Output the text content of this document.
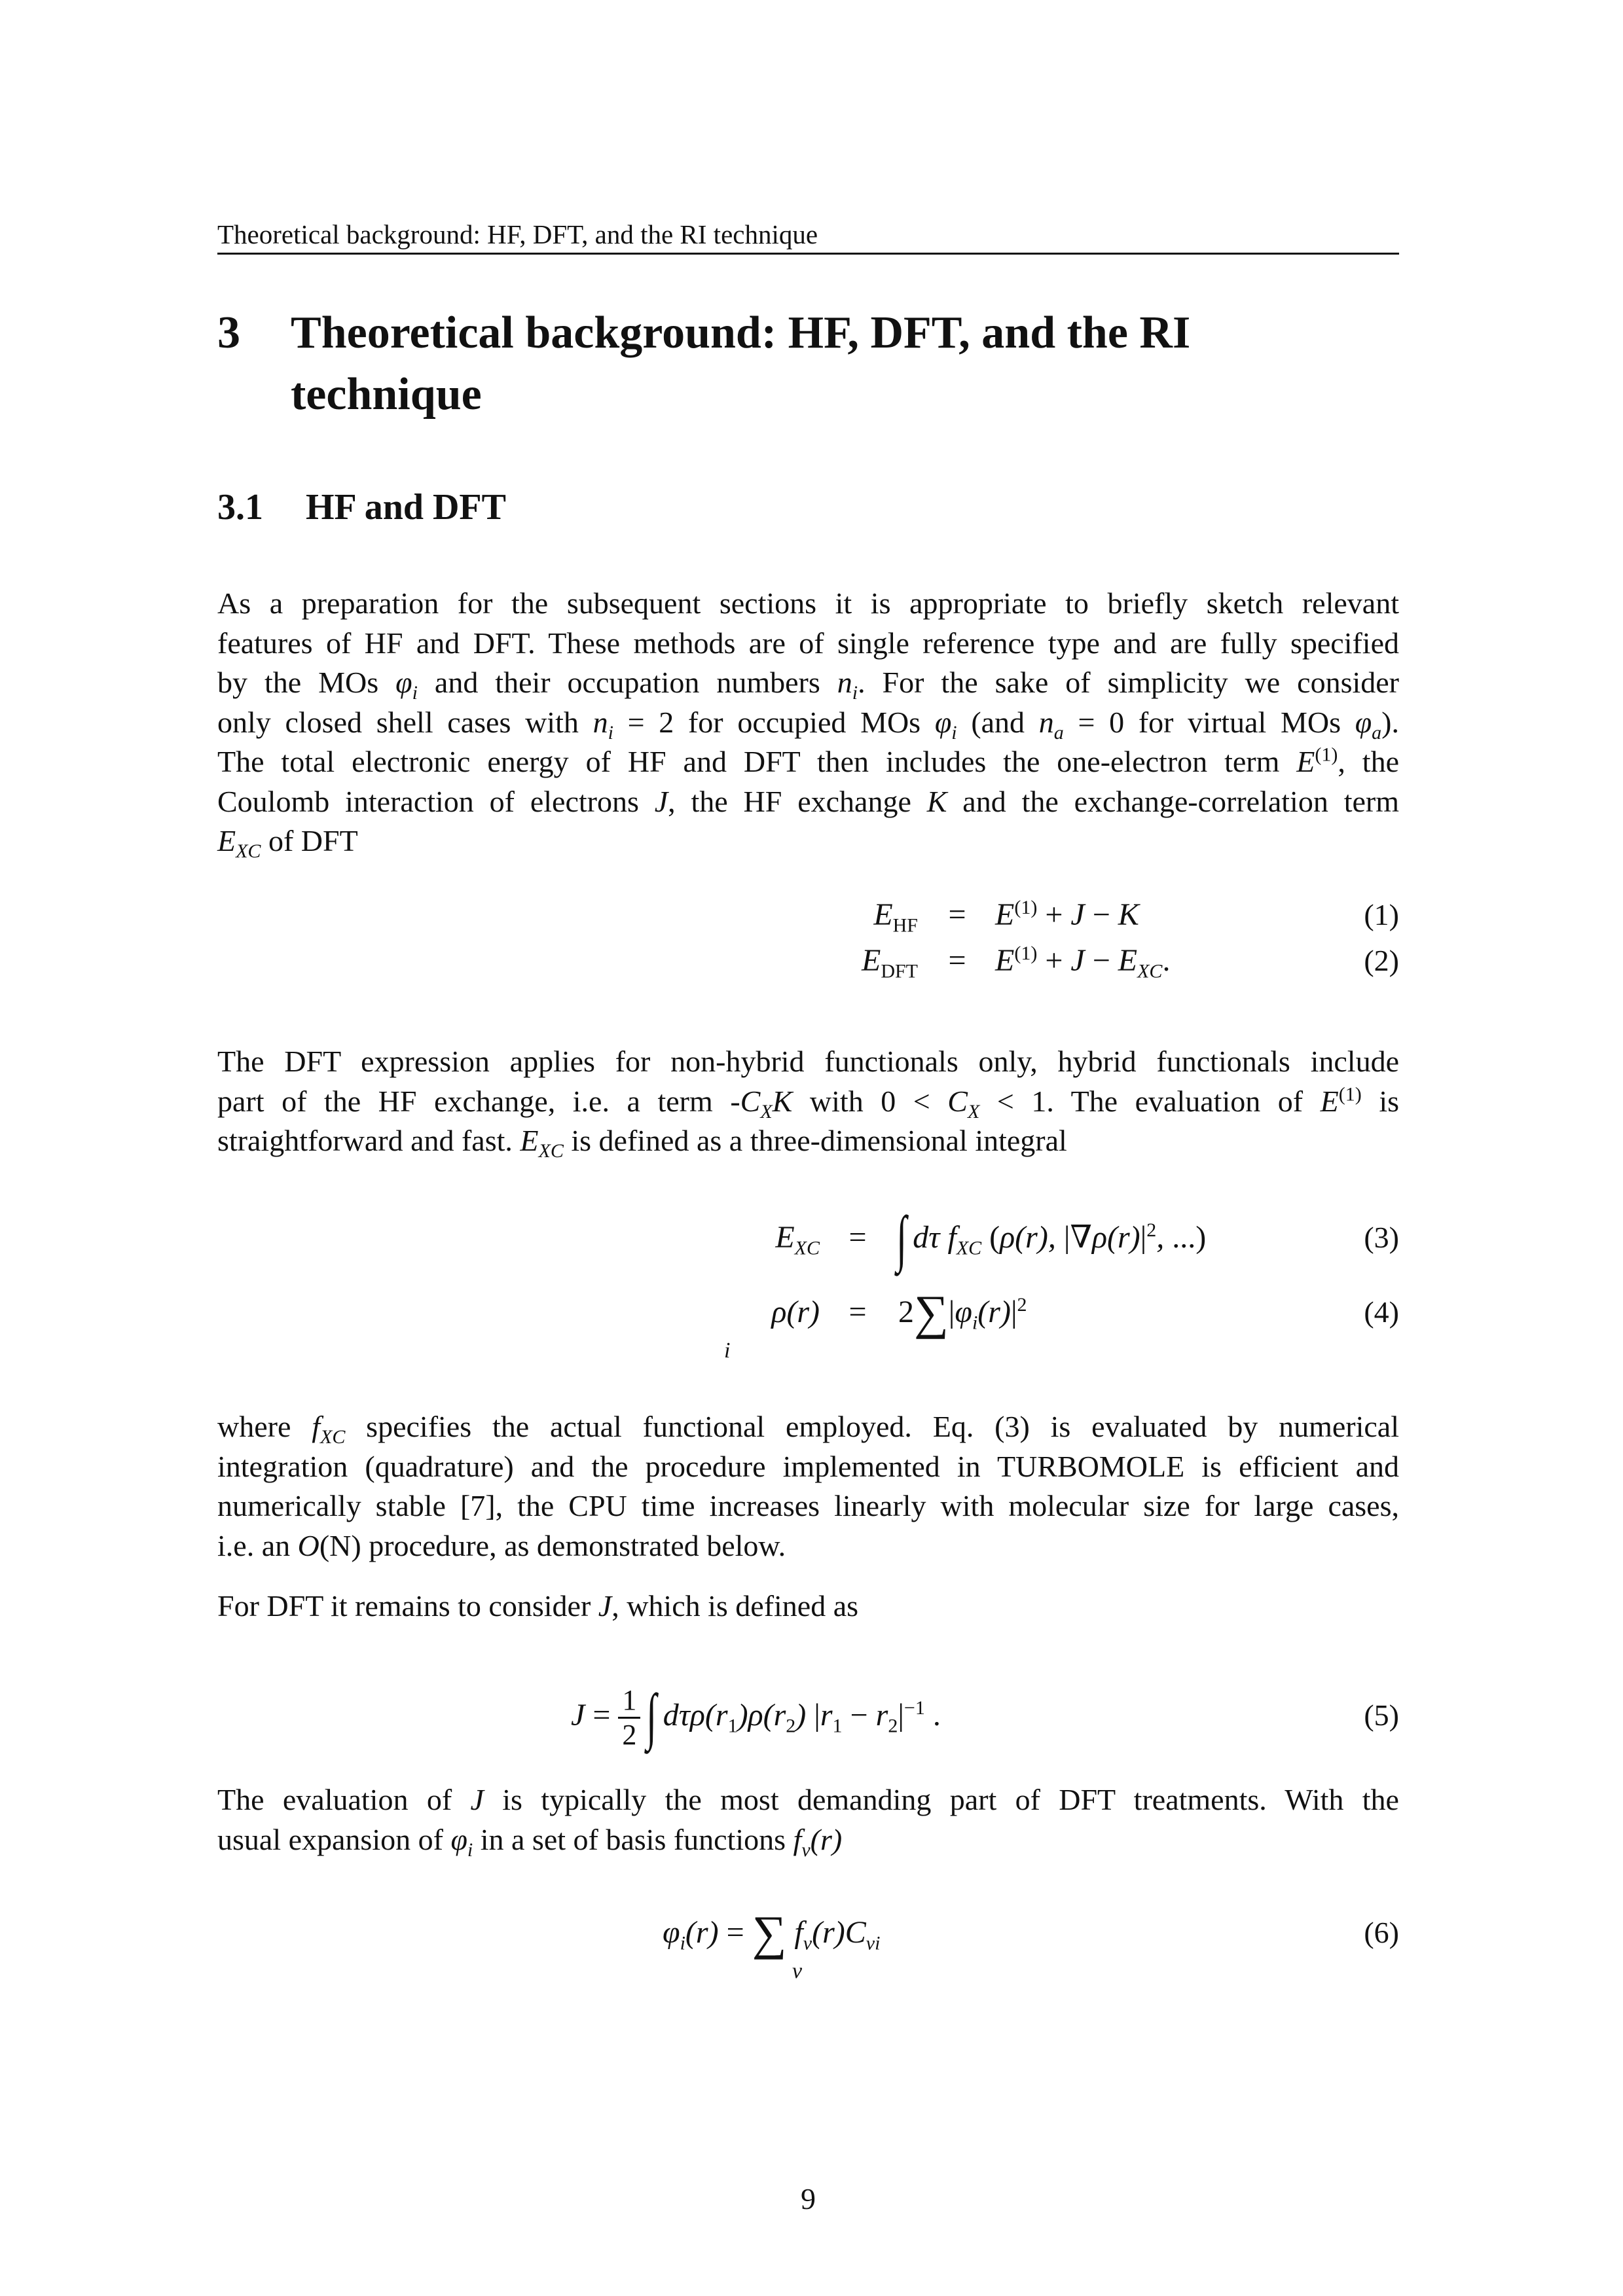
Theoretical background: HF, DFT, and the RI technique
3 Theoretical background: HF, DFT, and the RI technique
3.1 HF and DFT
As a preparation for the subsequent sections it is appropriate to briefly sketch relevant
features of HF and DFT. These methods are of single reference type and are fully specified
by the MOs $\varphi_i$ and their occupation numbers $n_i$. For the sake of simplicity we consider
only closed shell cases with $n_i = 2$ for occupied MOs $\varphi_i$ (and $n_a = 0$ for virtual MOs $\varphi_a$).
The total electronic energy of HF and DFT then includes the one-electron term $E^{(1)}$, the
Coulomb interaction of electrons J, the HF exchange K and the exchange-correlation term
$E_{XC}$ of DFT
$E_{HF} = E^{(1)} + J - K$	(1)
$E_{DFT} = E^{(1)} + J - E_{XC}$.	(2)
The DFT expression applies for non-hybrid functionals only, hybrid functionals include
part of the HF exchange, i.e. a term $-C_XK$ with $0 < C_X < 1$. The evaluation of $E^{(1)}$ is
straightforward and fast. $E_{XC}$ is defined as a three-dimensional integral
$E_{XC}$ = ∫ dτ $f_{XC}$ (ρ(r), $|\nabla\rho(r)|^2$, ...)	(3)
ρ(r) =	$2\sum|\varphi_i(r)|^2$	(4)
i
where $f_{XC}$ specifies the actual functional employed. Eq. (3) is evaluated by numerical
integration (quadrature) and the procedure implemented in TURBOMOLE is efficient and
numerically stable [7], the CPU time increases linearly with molecular size for large cases,
i.e. an O(N) procedure, as demonstrated below.
For DFT it remains to consider J, which is defined as
$J = \frac{1}{2}$ ∫ $d\tau\rho(r_1)\rho(r_2) |r_1 - r_2|^{-1}$ .	(5)
The evaluation of J is typically the most demanding part of DFT treatments. With the
usual expansion of $\varphi_i$ in a set of basis functions $f_\nu(r)$
$\varphi_i(r)$ = ∑ $f_\nu(r)C_{\nu i}$	(6)
ν
9
